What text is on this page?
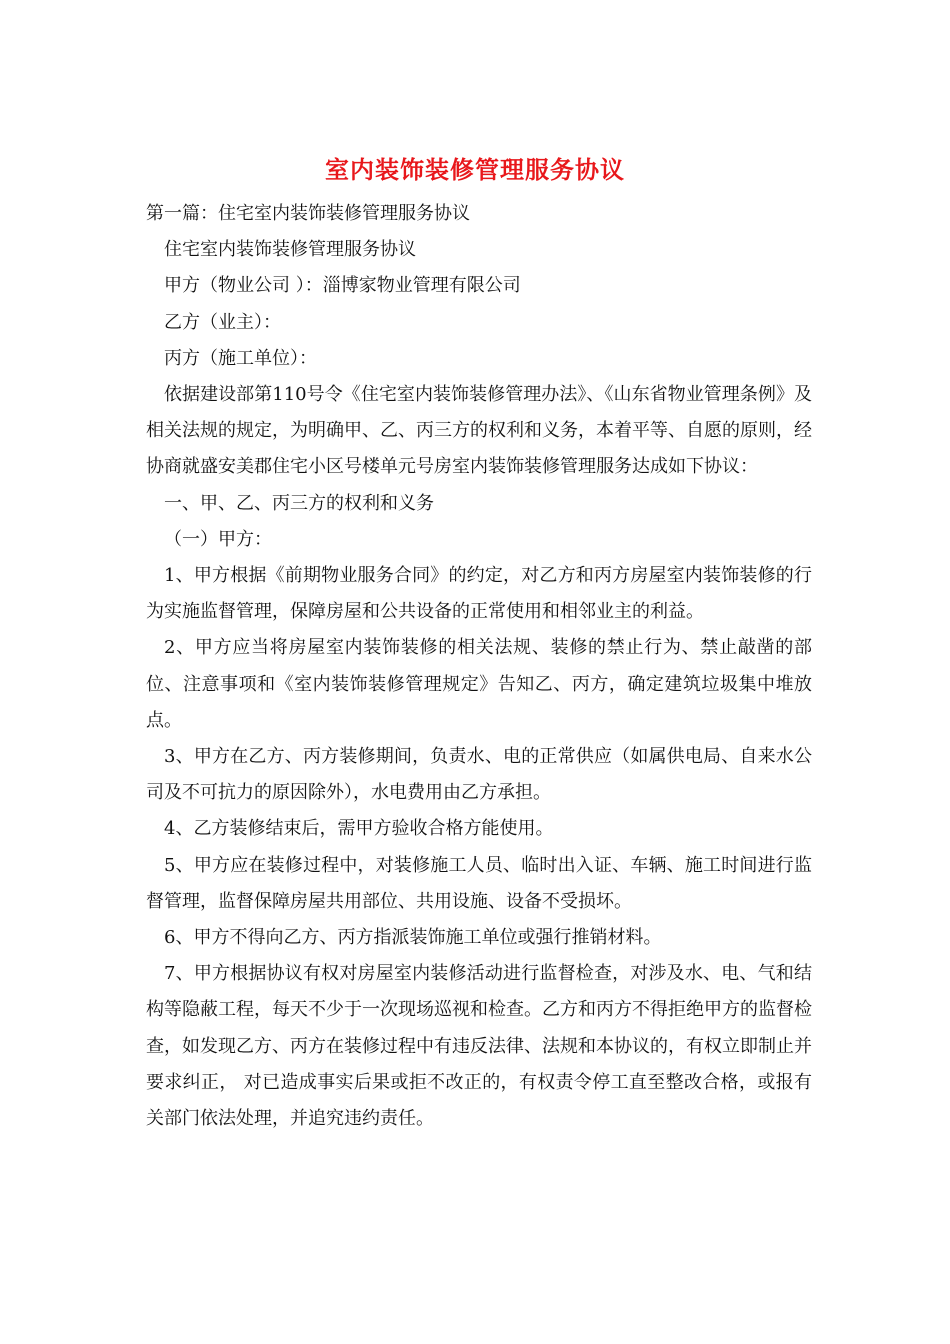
室内装饰装修管理服务协议

第一篇：住宅室内装饰装修管理服务协议

住宅室内装饰装修管理服务协议

甲方（物业公司 ）：淄博家物业管理有限公司

乙方（业主）：

丙方（施工单位）：

依据建设部第110号令《住宅室内装饰装修管理办法》、《山东省物业管理条例》及相关法规的规定，为明确甲、乙、丙三方的权利和义务，本着平等、自愿的原则，经协商就盛安美郡住宅小区号楼单元号房室内装饰装修管理服务达成如下协议：

一、甲、乙、丙三方的权利和义务

（一）甲方：

1、甲方根据《前期物业服务合同》的约定，对乙方和丙方房屋室内装饰装修的行为实施监督管理，保障房屋和公共设备的正常使用和相邻业主的利益。

2、甲方应当将房屋室内装饰装修的相关法规、装修的禁止行为、禁止敲凿的部位、注意事项和《室内装饰装修管理规定》告知乙、丙方，确定建筑垃圾集中堆放点。

3、甲方在乙方、丙方装修期间，负责水、电的正常供应（如属供电局、自来水公司及不可抗力的原因除外），水电费用由乙方承担。

4、乙方装修结束后，需甲方验收合格方能使用。

5、甲方应在装修过程中，对装修施工人员、临时出入证、车辆、施工时间进行监督管理，监督保障房屋共用部位、共用设施、设备不受损坏。

6、甲方不得向乙方、丙方指派装饰施工单位或强行推销材料。

7、甲方根据协议有权对房屋室内装修活动进行监督检查，对涉及水、电、气和结构等隐蔽工程，每天不少于一次现场巡视和检查。乙方和丙方不得拒绝甲方的监督检查，如发现乙方、丙方在装修过程中有违反法律、法规和本协议的，有权立即制止并要求纠正， 对已造成事实后果或拒不改正的，有权责令停工直至整改合格，或报有关部门依法处理，并追究违约责任。
